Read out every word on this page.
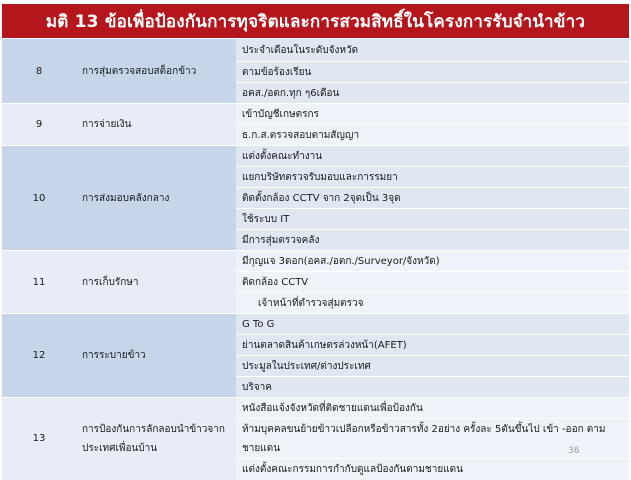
มติ 13 ข้อเพื่อป้องกันการทุจริตและการสวมสิทธิ์ในโครงการรับจำนำข้าว
8	การสุ่มตรวจสอบสต็อกข้าว	ประจำเดือนในระดับจังหวัด
		ตามข้อร้องเรียน
		อคส./อตก.ทุก ๆ6เดือน
9	การจ่ายเงิน	เข้าบัญชีเกษตรกร
		ธ.ก.ส.ตรวจสอบตามสัญญา
10	การส่งมอบคลังกลาง	แต่งตั้งคณะทำงาน
		แยกบริษัทตรวจรับมอบและการรมยา
		ติดตั้งกล้อง CCTV จาก 2จุดเป็น 3จุด
		ใช้ระบบ IT
		มีการสุ่มตรวจคลัง
11	การเก็บรักษา	มีกุญแจ 3ดอก(อคส./อตก./Surveyor/จังหวัด)
		ติดกล้อง CCTV
		เจ้าหน้าที่ตำรวจสุ่มตรวจ
12	การระบายข้าว	G To G
		ย่านตลาดสินค้าเกษตรล่วงหน้า(AFET)
		ประมูลในประเทศ/ต่างประเทศ
		บริจาค
13	การป้องกันการลักลอบนำข้าวจากประเทศเพื่อนบ้าน	หนังสือแจ้งจังหวัดที่ติดชายแดนเพื่อป้องกัน
		ห้ามบุคคลขนย้ายข้าวเปลือกหรือข้าวสารทั้ง 2อย่าง ครั้งละ 5ตันขึ้นไป เข้า -ออก ตามชายแดน
		แต่งตั้งคณะกรรมการกำกับดูแลป้องกันตามชายแดน
36
